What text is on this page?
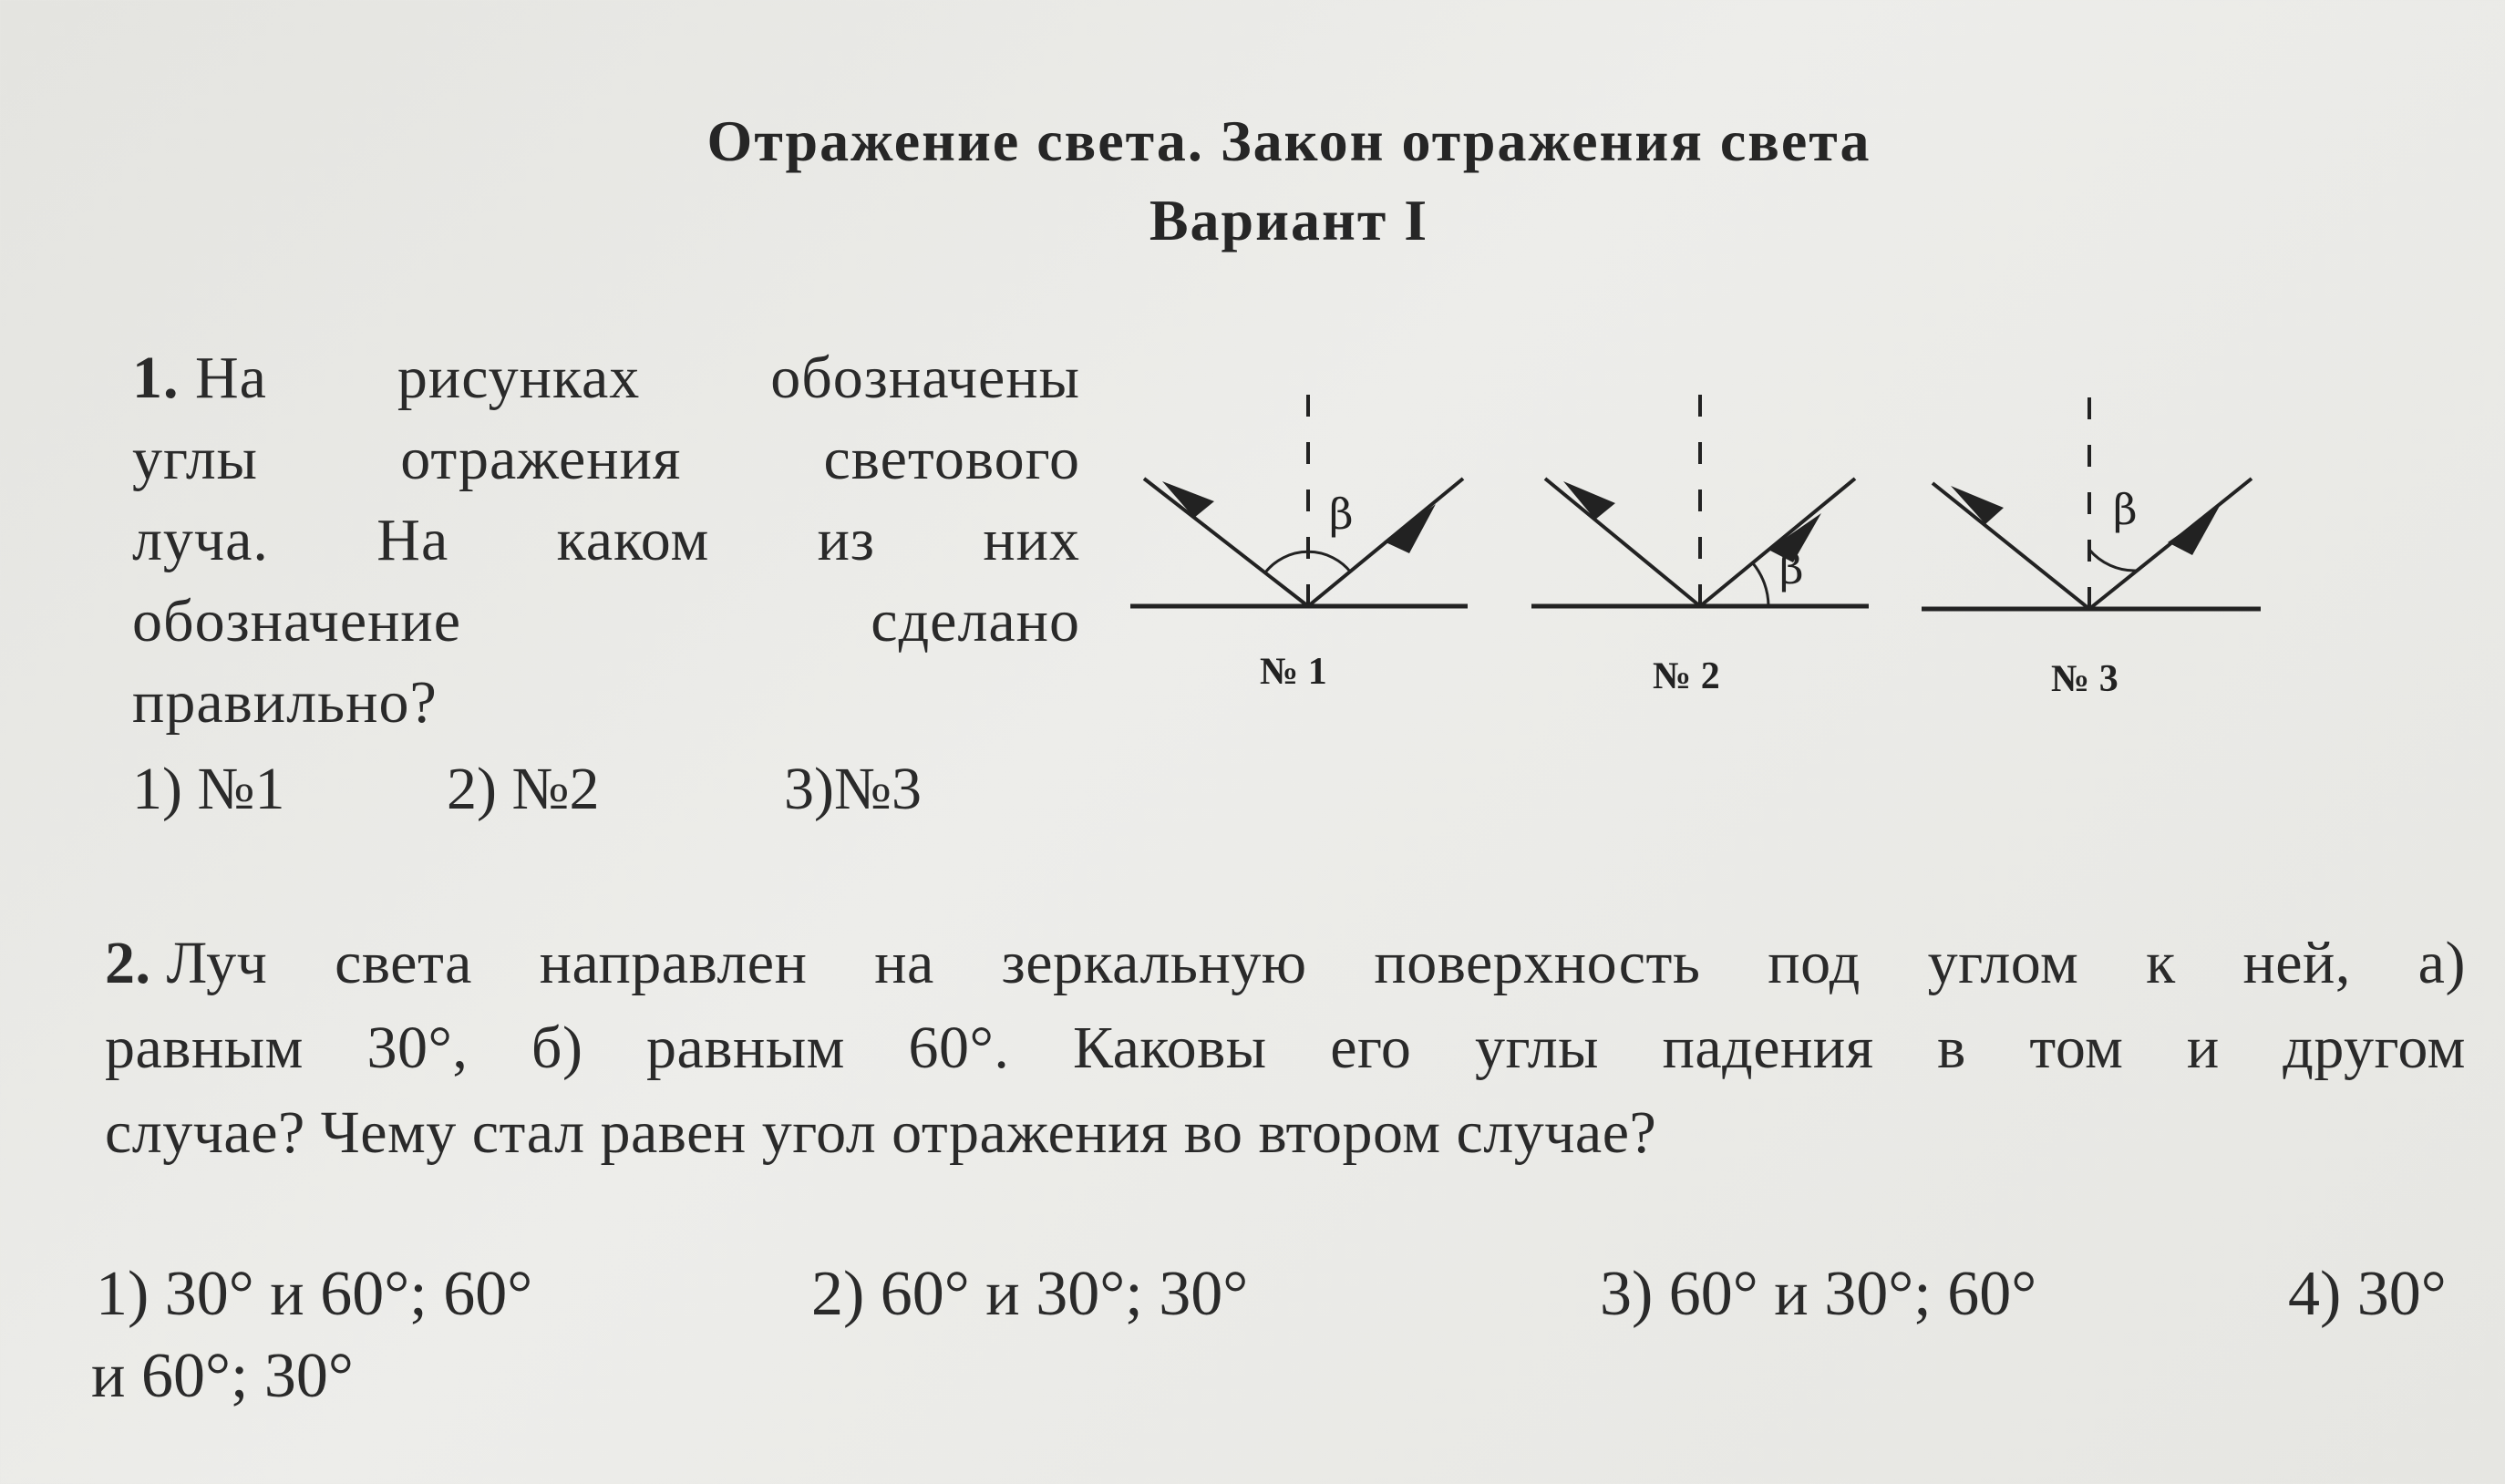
Отражение света. Закон отражения света
Вариант I
1. На рисунках обозначены
углы отражения светового
луча. На каком из них
обозначение	сделано
правильно?
1) №1	2) №2	3)№3
β
№ 1
β
№ 2
β
№ 3
2. Луч света направлен на зеркальную поверхность под углом к ней, а)
равным 30°, б) равным 60°. Каковы его углы падения в том и другом
случае? Чему стал равен угол отражения во втором случае?
1) 30° и 60°; 60°	2) 60° и 30°; 30°	3) 60° и 30°; 60°	4) 30°
и 60°; 30°
